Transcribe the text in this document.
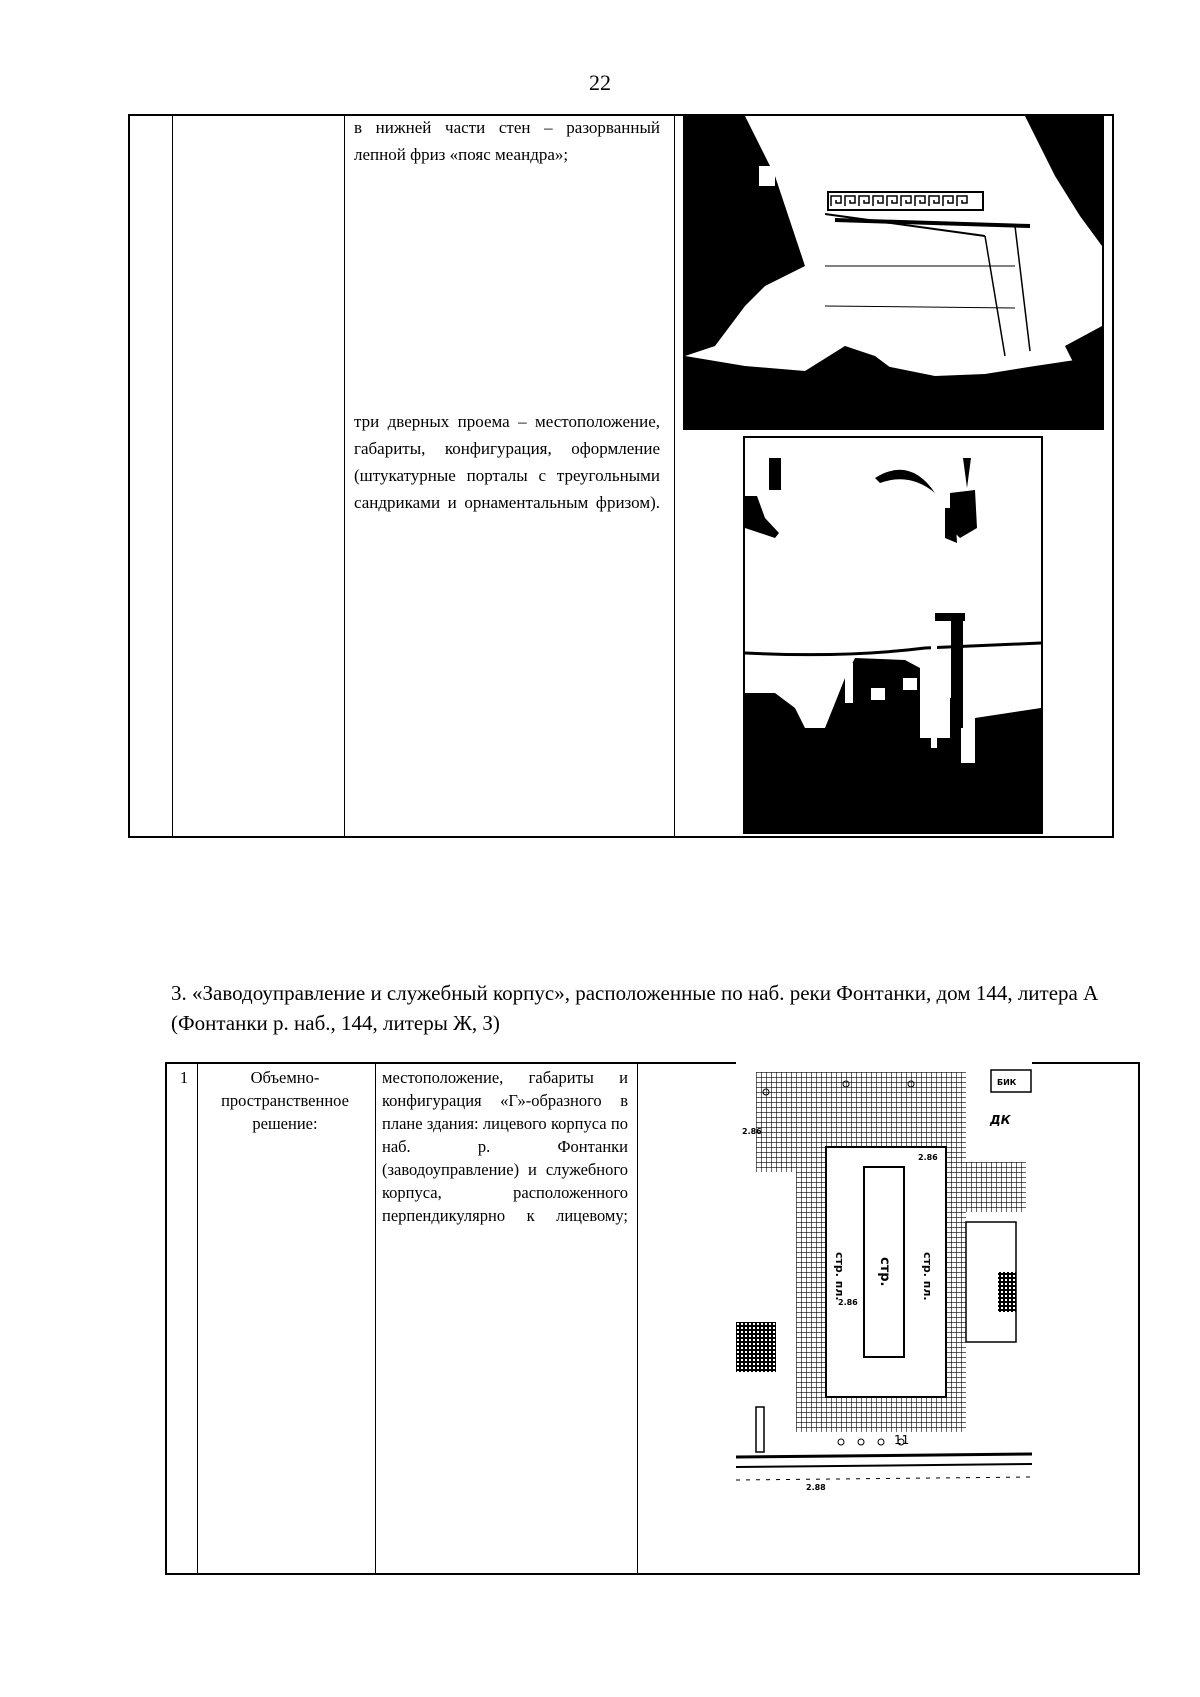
22
в нижней части стен – разорванный лепной фриз «пояс меандра»;
три дверных проема – местоположение, габариты, конфигурация, оформление (штукатурные порталы с треугольными сандриками и орнаментальным фризом).
3. «Заводоуправление и служебный корпус», расположенные по наб. реки Фонтанки, дом 144, литера А (Фонтанки р. наб., 144, литеры Ж, З)
1	Объемно-пространственное решение:
местоположение, габариты и конфигурация «Г»-образного в плане здания: лицевого корпуса по наб. р. Фонтанки (заводоуправление) и служебного корпуса, расположенного перпендикулярно к лицевому;
стр. пл. стр.	стр. пл.
11
2.86
2.86
2.86
2.88
ДК
БИК
